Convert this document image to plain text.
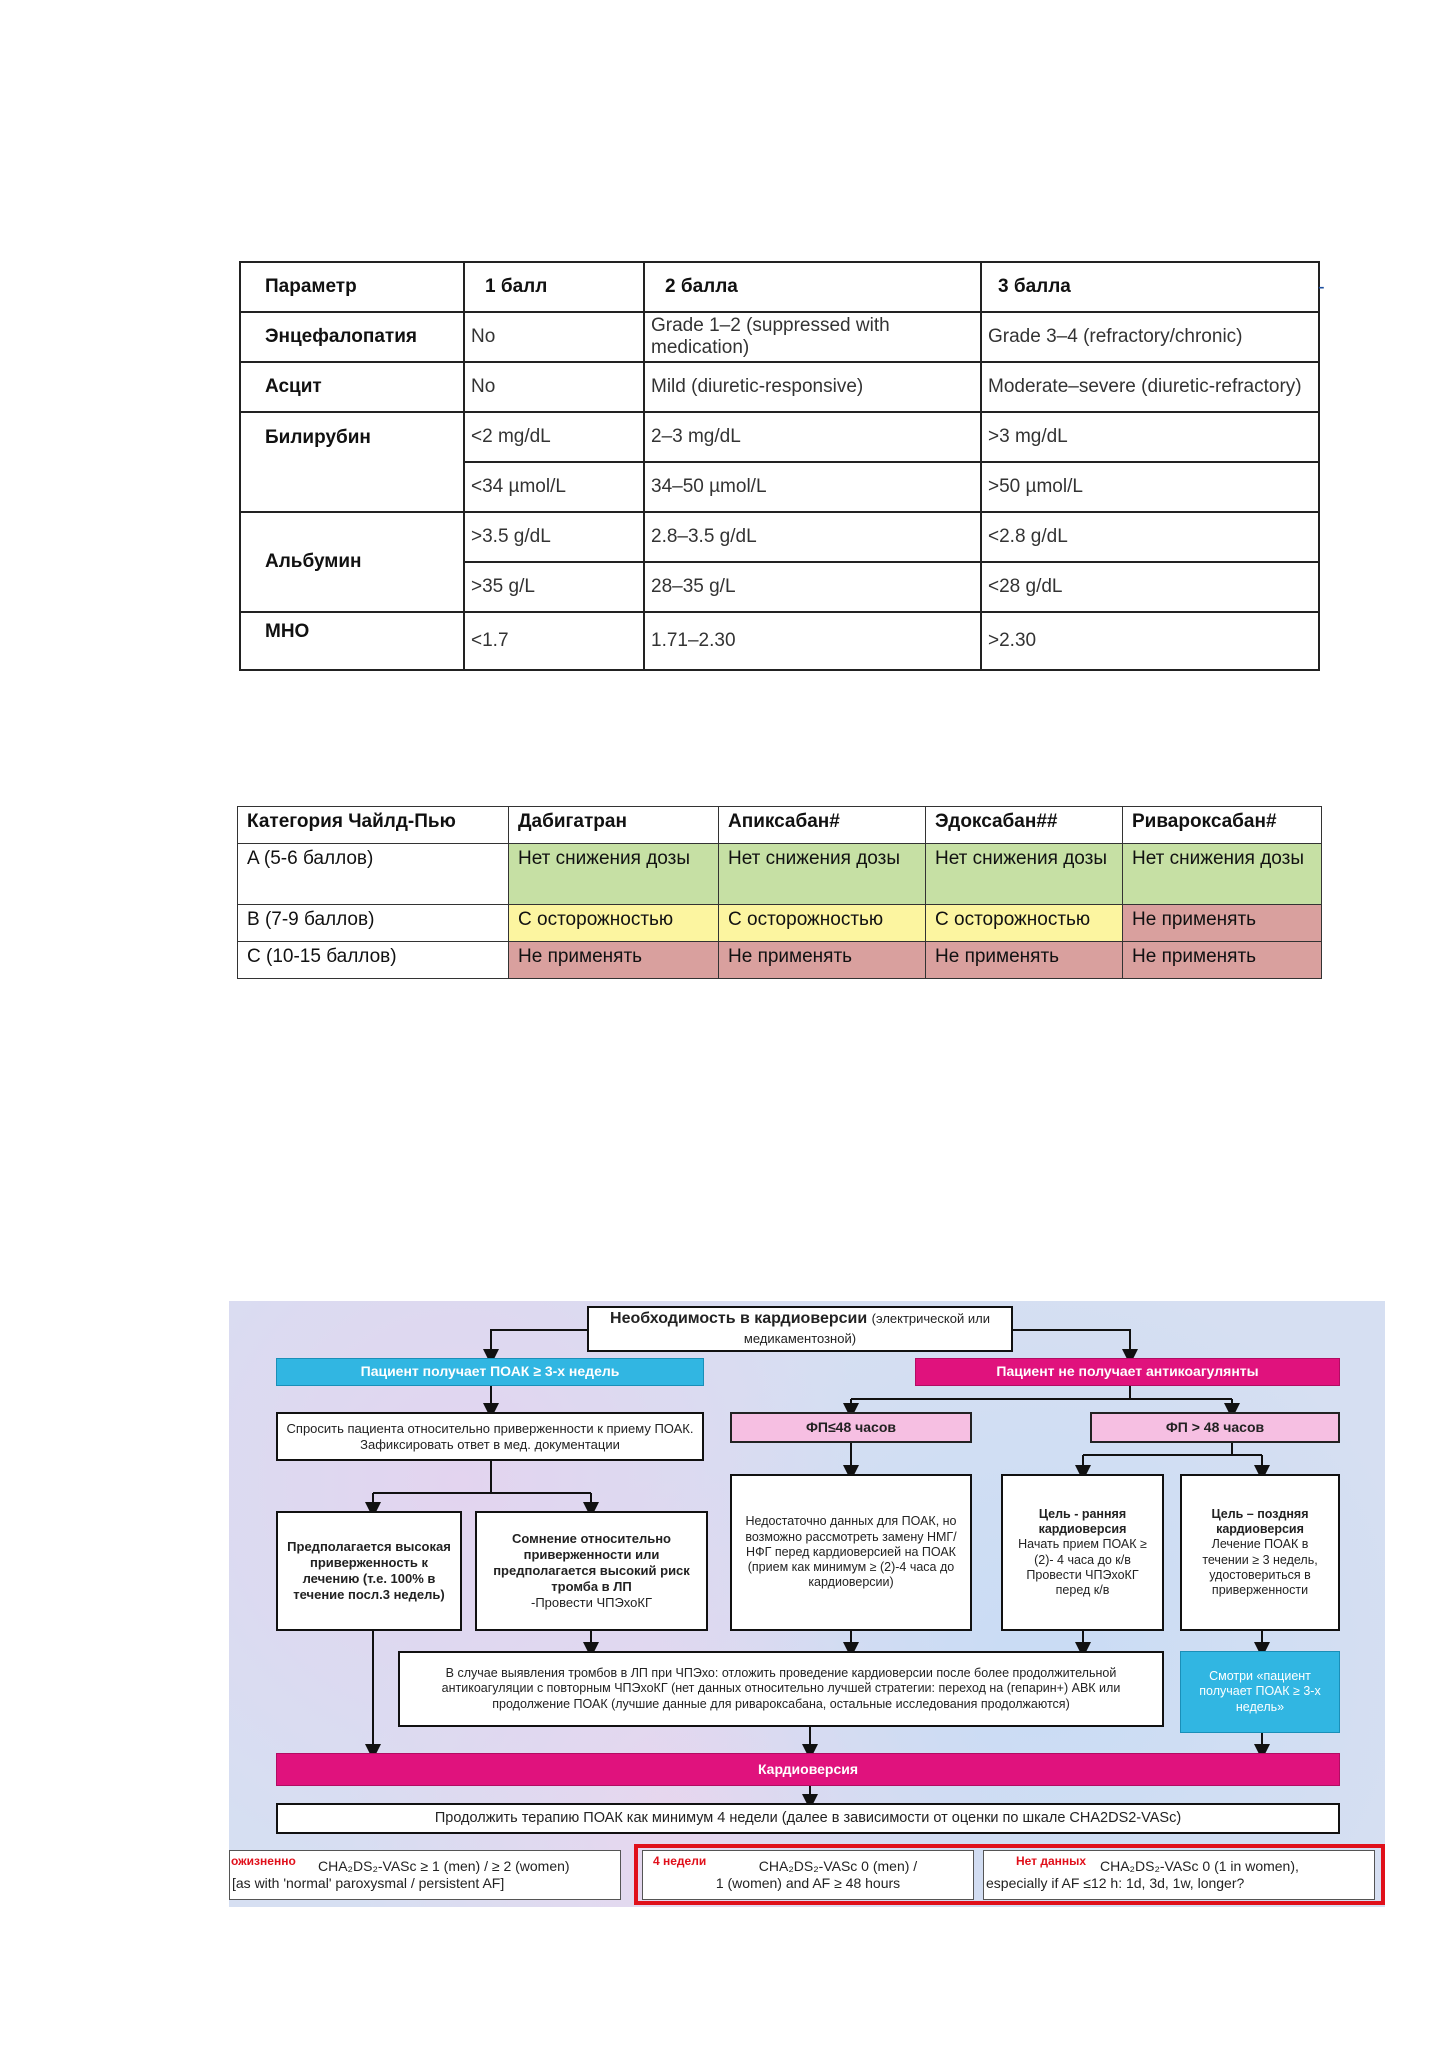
Параметр	1 балл	2 балла	3 балла
Энцефалопатия	No	Grade 1–2 (suppressed with medication)	Grade 3–4 (refractory/chronic)
Асцит	No	Mild (diuretic-responsive)	Moderate–severe (diuretic-refractory)
Билирубин	<2 mg/dL	2–3 mg/dL	>3 mg/dL
	<34 µmol/L	34–50 µmol/L	>50 µmol/L
Альбумин	>3.5 g/dL	2.8–3.5 g/dL	<2.8 g/dL
	>35 g/L	28–35 g/L	<28 g/dL
МНО	<1.7	1.71–2.30	>2.30
-
Категория Чайлд-Пью	Дабигатран	Апиксабан#	Эдоксабан##	Ривароксабан#
A (5-6 баллов)	Нет снижения дозы	Нет снижения дозы	Нет снижения дозы	Нет снижения дозы
B (7-9 баллов)	С осторожностью	С осторожностью	С осторожностью	Не применять
C (10-15 баллов)	Не применять	Не применять	Не применять	Не применять
Необходимость в кардиоверсии (электрической или медикаментозной)
Пациент получает ПОАК ≥ 3-х недель	Пациент не получает антикоагулянты
Спросить пациента относительно приверженности к приему ПОАК. Зафиксировать ответ в мед. документации
ФП≤48 часов	ФП > 48 часов
Предполагается высокая приверженность к лечению (т.е. 100% в течение посл.3 недель)
Сомнение относительно приверженности или предполагается высокий риск тромба в ЛП
-Провести ЧПЭхоКГ
Недостаточно данных для ПОАК, но возможно рассмотреть замену НМГ/НФГ перед кардиоверсией на ПОАК (прием как минимум ≥ (2)-4 часа до кардиоверсии)
Цель - ранняя кардиоверсия
Начать прием ПОАК ≥ (2)- 4 часа до к/в Провести ЧПЭхоКГ перед к/в
Цель – поздняя кардиоверсия
Лечение ПОАК в течении ≥ 3 недель, удостовериться в приверженности
В случае выявления тромбов в ЛП при ЧПЭхо: отложить проведение кардиоверсии после более продолжительной антикоагуляции с повторным ЧПЭхоКГ (нет данных относительно лучшей стратегии: переход на (гепарин+) АВК или продолжение ПОАК (лучшие данные для ривароксабана, остальные исследования продолжаются)
Смотри «пациент получает ПОАК ≥ 3-х недель»
Кардиоверсия
Продолжить терапию ПОАК как минимум 4 недели (далее в зависимости от оценки по шкале CHA2DS2-VASc)
CHA₂DS₂-VASc ≥ 1 (men) / ≥ 2 (women)
[as with 'normal' paroxysmal / persistent AF]
ожизненно	CHA₂DS₂-VASc 0 (men) /
1 (women) and AF ≥ 48 hours
4 недели	CHA₂DS₂-VASc 0 (1 in women),
especially if AF ≤12 h: 1d, 3d, 1w, longer?
Нет данных
